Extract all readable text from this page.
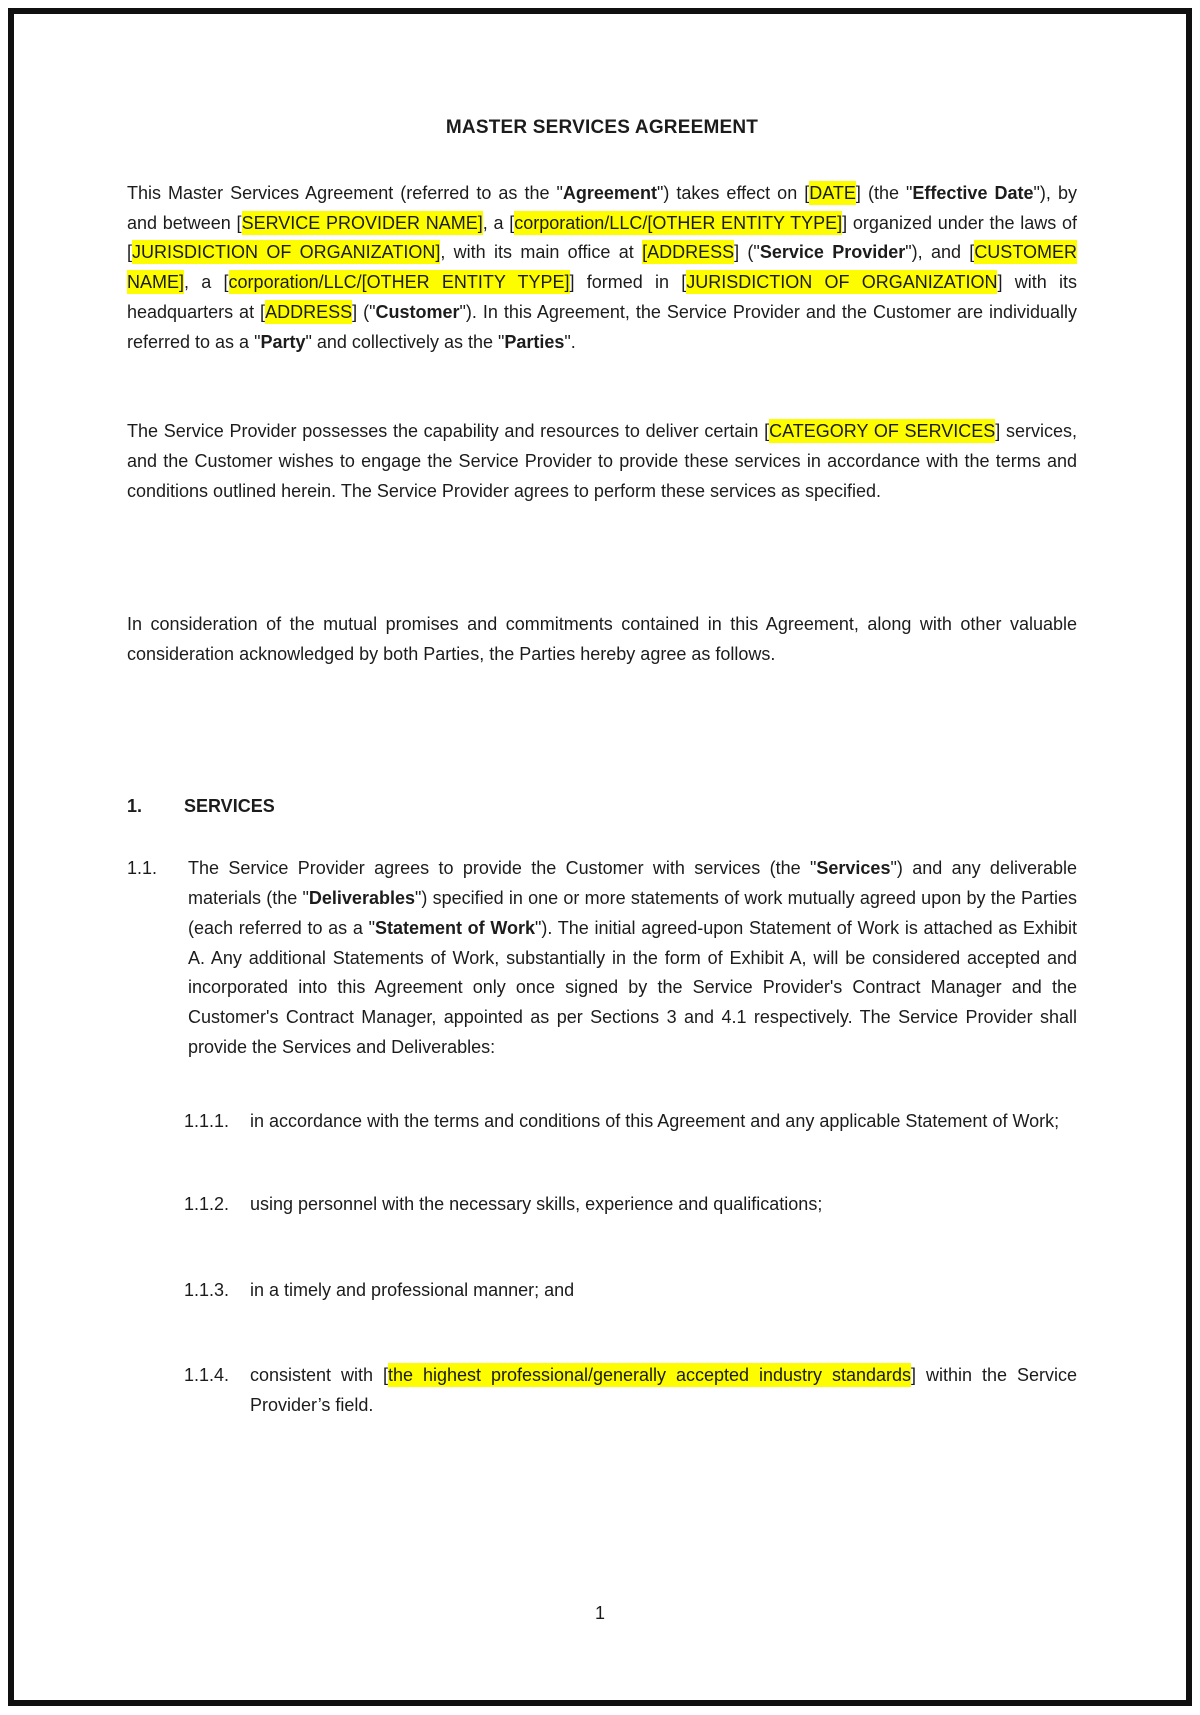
MASTER SERVICES AGREEMENT

This Master Services Agreement (referred to as the "Agreement") takes effect on [DATE] (the "Effective Date"), by and between [SERVICE PROVIDER NAME], a [corporation/LLC/[OTHER ENTITY TYPE]] organized under the laws of [JURISDICTION OF ORGANIZATION], with its main office at [ADDRESS] ("Service Provider"), and [CUSTOMER NAME], a [corporation/LLC/[OTHER ENTITY TYPE]] formed in [JURISDICTION OF ORGANIZATION] with its headquarters at [ADDRESS] ("Customer"). In this Agreement, the Service Provider and the Customer are individually referred to as a "Party" and collectively as the "Parties".

The Service Provider possesses the capability and resources to deliver certain [CATEGORY OF SERVICES] services, and the Customer wishes to engage the Service Provider to provide these services in accordance with the terms and conditions outlined herein. The Service Provider agrees to perform these services as specified.

In consideration of the mutual promises and commitments contained in this Agreement, along with other valuable consideration acknowledged by both Parties, the Parties hereby agree as follows.

1.	SERVICES
1.1.	The Service Provider agrees to provide the Customer with services (the "Services") and any deliverable materials (the "Deliverables") specified in one or more statements of work mutually agreed upon by the Parties (each referred to as a "Statement of Work"). The initial agreed-upon Statement of Work is attached as Exhibit A. Any additional Statements of Work, substantially in the form of Exhibit A, will be considered accepted and incorporated into this Agreement only once signed by the Service Provider's Contract Manager and the Customer's Contract Manager, appointed as per Sections 3 and 4.1 respectively. The Service Provider shall provide the Services and Deliverables:
1.1.1.	in accordance with the terms and conditions of this Agreement and any applicable Statement of Work;
1.1.2.	using personnel with the necessary skills, experience and qualifications;
1.1.3.	in a timely and professional manner; and
1.1.4.	consistent with [the highest professional/generally accepted industry standards] within the Service Provider’s field.
1
